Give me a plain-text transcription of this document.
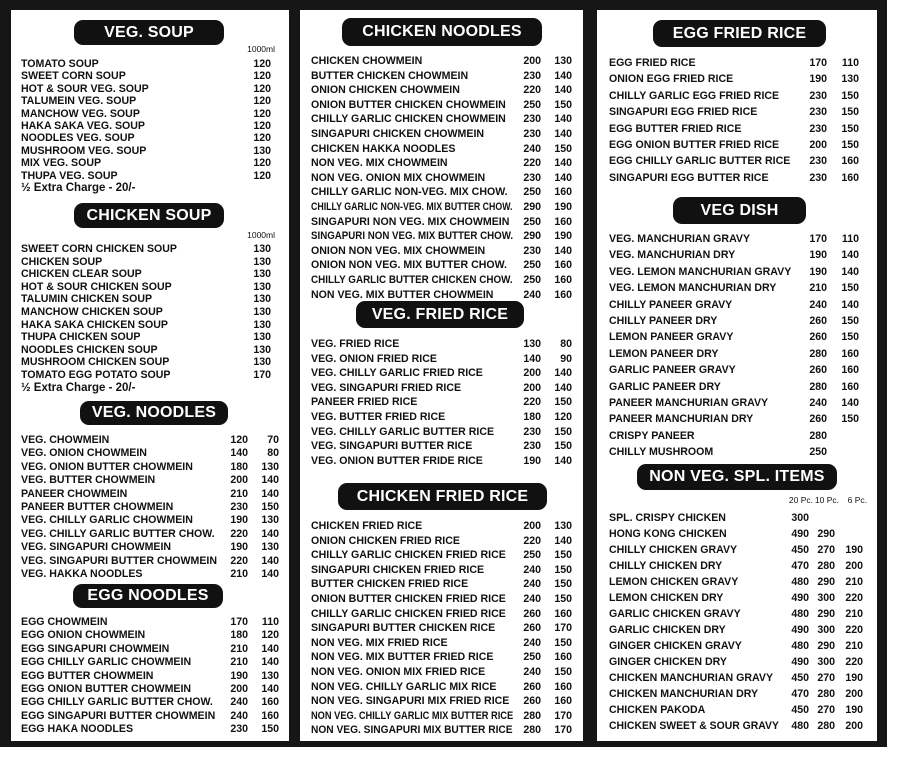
VEG. SOUP
1000ml
TOMATO SOUP	120
SWEET CORN SOUP	120
HOT & SOUR VEG. SOUP	120
TALUMEIN VEG. SOUP	120
MANCHOW VEG. SOUP	120
HAKA SAKA VEG. SOUP	120
NOODLES VEG. SOUP	120
MUSHROOM VEG. SOUP	130
MIX VEG. SOUP	120
THUPA VEG. SOUP	120
½ Extra Charge - 20/-
CHICKEN SOUP
1000ml
SWEET CORN CHICKEN SOUP	130
CHICKEN SOUP	130
CHICKEN CLEAR SOUP	130
HOT & SOUR CHICKEN SOUP	130
TALUMIN CHICKEN SOUP	130
MANCHOW CHICKEN SOUP	130
HAKA SAKA CHICKEN SOUP	130
THUPA CHICKEN SOUP	130
NOODLES CHICKEN SOUP	130
MUSHROOM CHICKEN SOUP	130
TOMATO EGG POTATO SOUP	170
½ Extra Charge - 20/-
VEG. NOODLES
VEG. CHOWMEIN	120	70
VEG. ONION CHOWMEIN	140	80
VEG. ONION BUTTER CHOWMEIN	180	130
VEG. BUTTER CHOWMEIN	200	140
PANEER CHOWMEIN	210	140
PANEER BUTTER CHOWMEIN	230	150
VEG. CHILLY GARLIC CHOWMEIN	190	130
VEG. CHILLY GARLIC BUTTER CHOW.	220	140
VEG. SINGAPURI CHOWMEIN	190	130
VEG. SINGAPURI BUTTER CHOWMEIN	220	140
VEG. HAKKA NOODLES	210	140
EGG NOODLES
EGG CHOWMEIN	170	110
EGG ONION CHOWMEIN	180	120
EGG SINGAPURI CHOWMEIN	210	140
EGG CHILLY GARLIC CHOWMEIN	210	140
EGG BUTTER CHOWMEIN	190	130
EGG ONION BUTTER CHOWMEIN	200	140
EGG CHILLY GARLIC BUTTER CHOW.	240	160
EGG SINGAPURI BUTTER CHOWMEIN	240	160
EGG HAKA NOODLES	230	150
CHICKEN NOODLES
CHICKEN CHOWMEIN	200	130
BUTTER CHICKEN CHOWMEIN	230	140
ONION CHICKEN CHOWMEIN	220	140
ONION BUTTER CHICKEN CHOWMEIN	250	150
CHILLY GARLIC CHICKEN CHOWMEIN	230	140
SINGAPURI CHICKEN CHOWMEIN	230	140
CHICKEN HAKKA NOODLES	240	150
NON VEG. MIX CHOWMEIN	220	140
NON VEG. ONION MIX CHOWMEIN	230	140
CHILLY GARLIC NON-VEG. MIX CHOW.	250	160
CHILLY GARLIC NON-VEG. MIX BUTTER CHOW.	290	190
SINGAPURI NON VEG. MIX CHOWMEIN	250	160
SINGAPURI NON VEG. MIX BUTTER CHOW. 290	190
ONION NON VEG. MIX CHOWMEIN	230	140
ONION NON VEG. MIX BUTTER CHOW.	250	160
CHILLY GARLIC BUTTER CHICKEN CHOW.	250	160
NON VEG. MIX BUTTER CHOWMEIN	240	160
VEG. FRIED RICE
VEG. FRIED RICE	130	80
VEG. ONION FRIED RICE	140	90
VEG. CHILLY GARLIC FRIED RICE	200	140
VEG. SINGAPURI FRIED RICE	200	140
PANEER FRIED RICE	220	150
VEG. BUTTER FRIED RICE	180	120
VEG. CHILLY GARLIC BUTTER RICE	230	150
VEG. SINGAPURI BUTTER RICE	230	150
VEG. ONION BUTTER FRIDE RICE	190	140
CHICKEN FRIED RICE
CHICKEN FRIED RICE	200	130
ONION CHICKEN FRIED RICE	220	140
CHILLY GARLIC CHICKEN FRIED RICE	250	150
SINGAPURI CHICKEN FRIED RICE	240	150
BUTTER CHICKEN FRIED RICE	240	150
ONION BUTTER CHICKEN FRIED RICE	240	150
CHILLY GARLIC CHICKEN FRIED RICE	260	160
SINGAPURI BUTTER CHICKEN RICE	260	170
NON VEG. MIX FRIED RICE	240	150
NON VEG. MIX BUTTER FRIED RICE	250	160
NON VEG. ONION MIX FRIED RICE	240	150
NON VEG. CHILLY GARLIC MIX RICE	260	160
NON VEG. SINGAPURI MIX FRIED RICE	260	160
NON VEG. CHILLY GARLIC MIX BUTTER RICE 280	170
NON VEG. SINGAPURI MIX BUTTER RICE	280	170
EGG FRIED RICE
EGG FRIED RICE	170	110
ONION EGG FRIED RICE	190	130
CHILLY GARLIC EGG FRIED RICE	230	150
SINGAPURI EGG FRIED RICE	230	150
EGG BUTTER FRIED RICE	230	150
EGG ONION BUTTER FRIED RICE	200	150
EGG CHILLY GARLIC BUTTER RICE	230	160
SINGAPURI EGG BUTTER RICE	230	160
VEG DISH
VEG. MANCHURIAN GRAVY	170	110
VEG. MANCHURIAN DRY	190	140
VEG. LEMON MANCHURIAN GRAVY	190	140
VEG. LEMON MANCHURIAN DRY	210	150
CHILLY PANEER GRAVY	240	140
CHILLY PANEER DRY	260	150
LEMON PANEER GRAVY	260	150
LEMON PANEER DRY	280	160
GARLIC PANEER GRAVY	260	160
GARLIC PANEER DRY	280	160
PANEER MANCHURIAN GRAVY	240	140
PANEER MANCHURIAN DRY	260	150
CRISPY PANEER	280
CHILLY MUSHROOM	250
NON VEG. SPL. ITEMS
20 Pc. 10 Pc.	6 Pc.
SPL. CRISPY CHICKEN	300
HONG KONG CHICKEN	490 290
CHILLY CHICKEN GRAVY	450 270 190
CHILLY CHICKEN DRY	470 280 200
LEMON CHICKEN GRAVY	480 290 210
LEMON CHICKEN DRY	490 300 220
GARLIC CHICKEN GRAVY	480 290 210
GARLIC CHICKEN DRY	490 300 220
GINGER CHICKEN GRAVY	480 290 210
GINGER CHICKEN DRY	490 300 220
CHICKEN MANCHURIAN GRAVY	450 270 190
CHICKEN MANCHURIAN DRY	470 280 200
CHICKEN PAKODA	450 270 190
CHICKEN SWEET & SOUR GRAVY	480 280 200
